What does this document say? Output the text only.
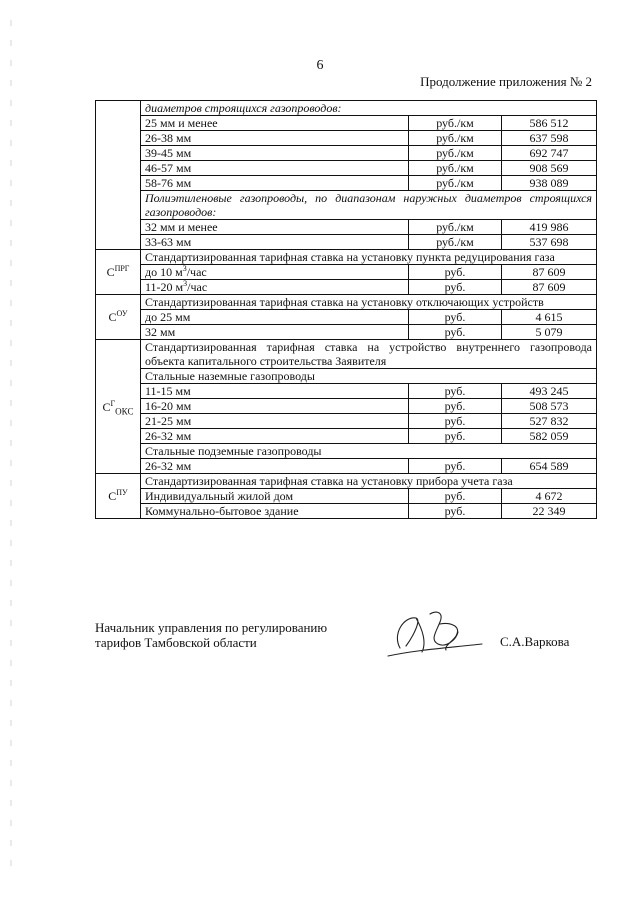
6
Продолжение приложения № 2
	диаметров строящихся газопроводов:		
	25 мм и менее	руб./км	586 512
	26-38 мм	руб./км	637 598
	39-45 мм	руб./км	692 747
	46-57 мм	руб./км	908 569
	58-76 мм	руб./км	938 089
	Полиэтиленовые газопроводы, по диапазонам наружных диаметров строящихся газопроводов:		
	32 мм и менее	руб./км	419 986
	33-63 мм	руб./км	537 698
$С^{ПРГ}$	Стандартизированная тарифная ставка на установку пункта редуцирования газа		
	до 10 $м^3$/час	руб.	87 609
	11-20 $м^3$/час	руб.	87 609
$С^{ОУ}$	Стандартизированная тарифная ставка на установку отключающих устройств		
	до 25 мм	руб.	4 615
	32 мм	руб.	5 079
$С^Г_{ОКС}$	Стандартизированная тарифная ставка на устройство внутреннего газопровода объекта капитального строительства Заявителя		
	Стальные наземные газопроводы		
	11-15 мм	руб.	493 245
	16-20 мм	руб.	508 573
	21-25 мм	руб.	527 832
	26-32 мм	руб.	582 059
	Стальные подземные газопроводы		
	26-32 мм	руб.	654 589
$С^{ПУ}$	Стандартизированная тарифная ставка на установку прибора учета газа		
	Индивидуальный жилой дом	руб.	4 672
	Коммунально-бытовое здание	руб.	22 349
Начальник управления по регулированию
тарифов Тамбовской области	С.А.Варкова
